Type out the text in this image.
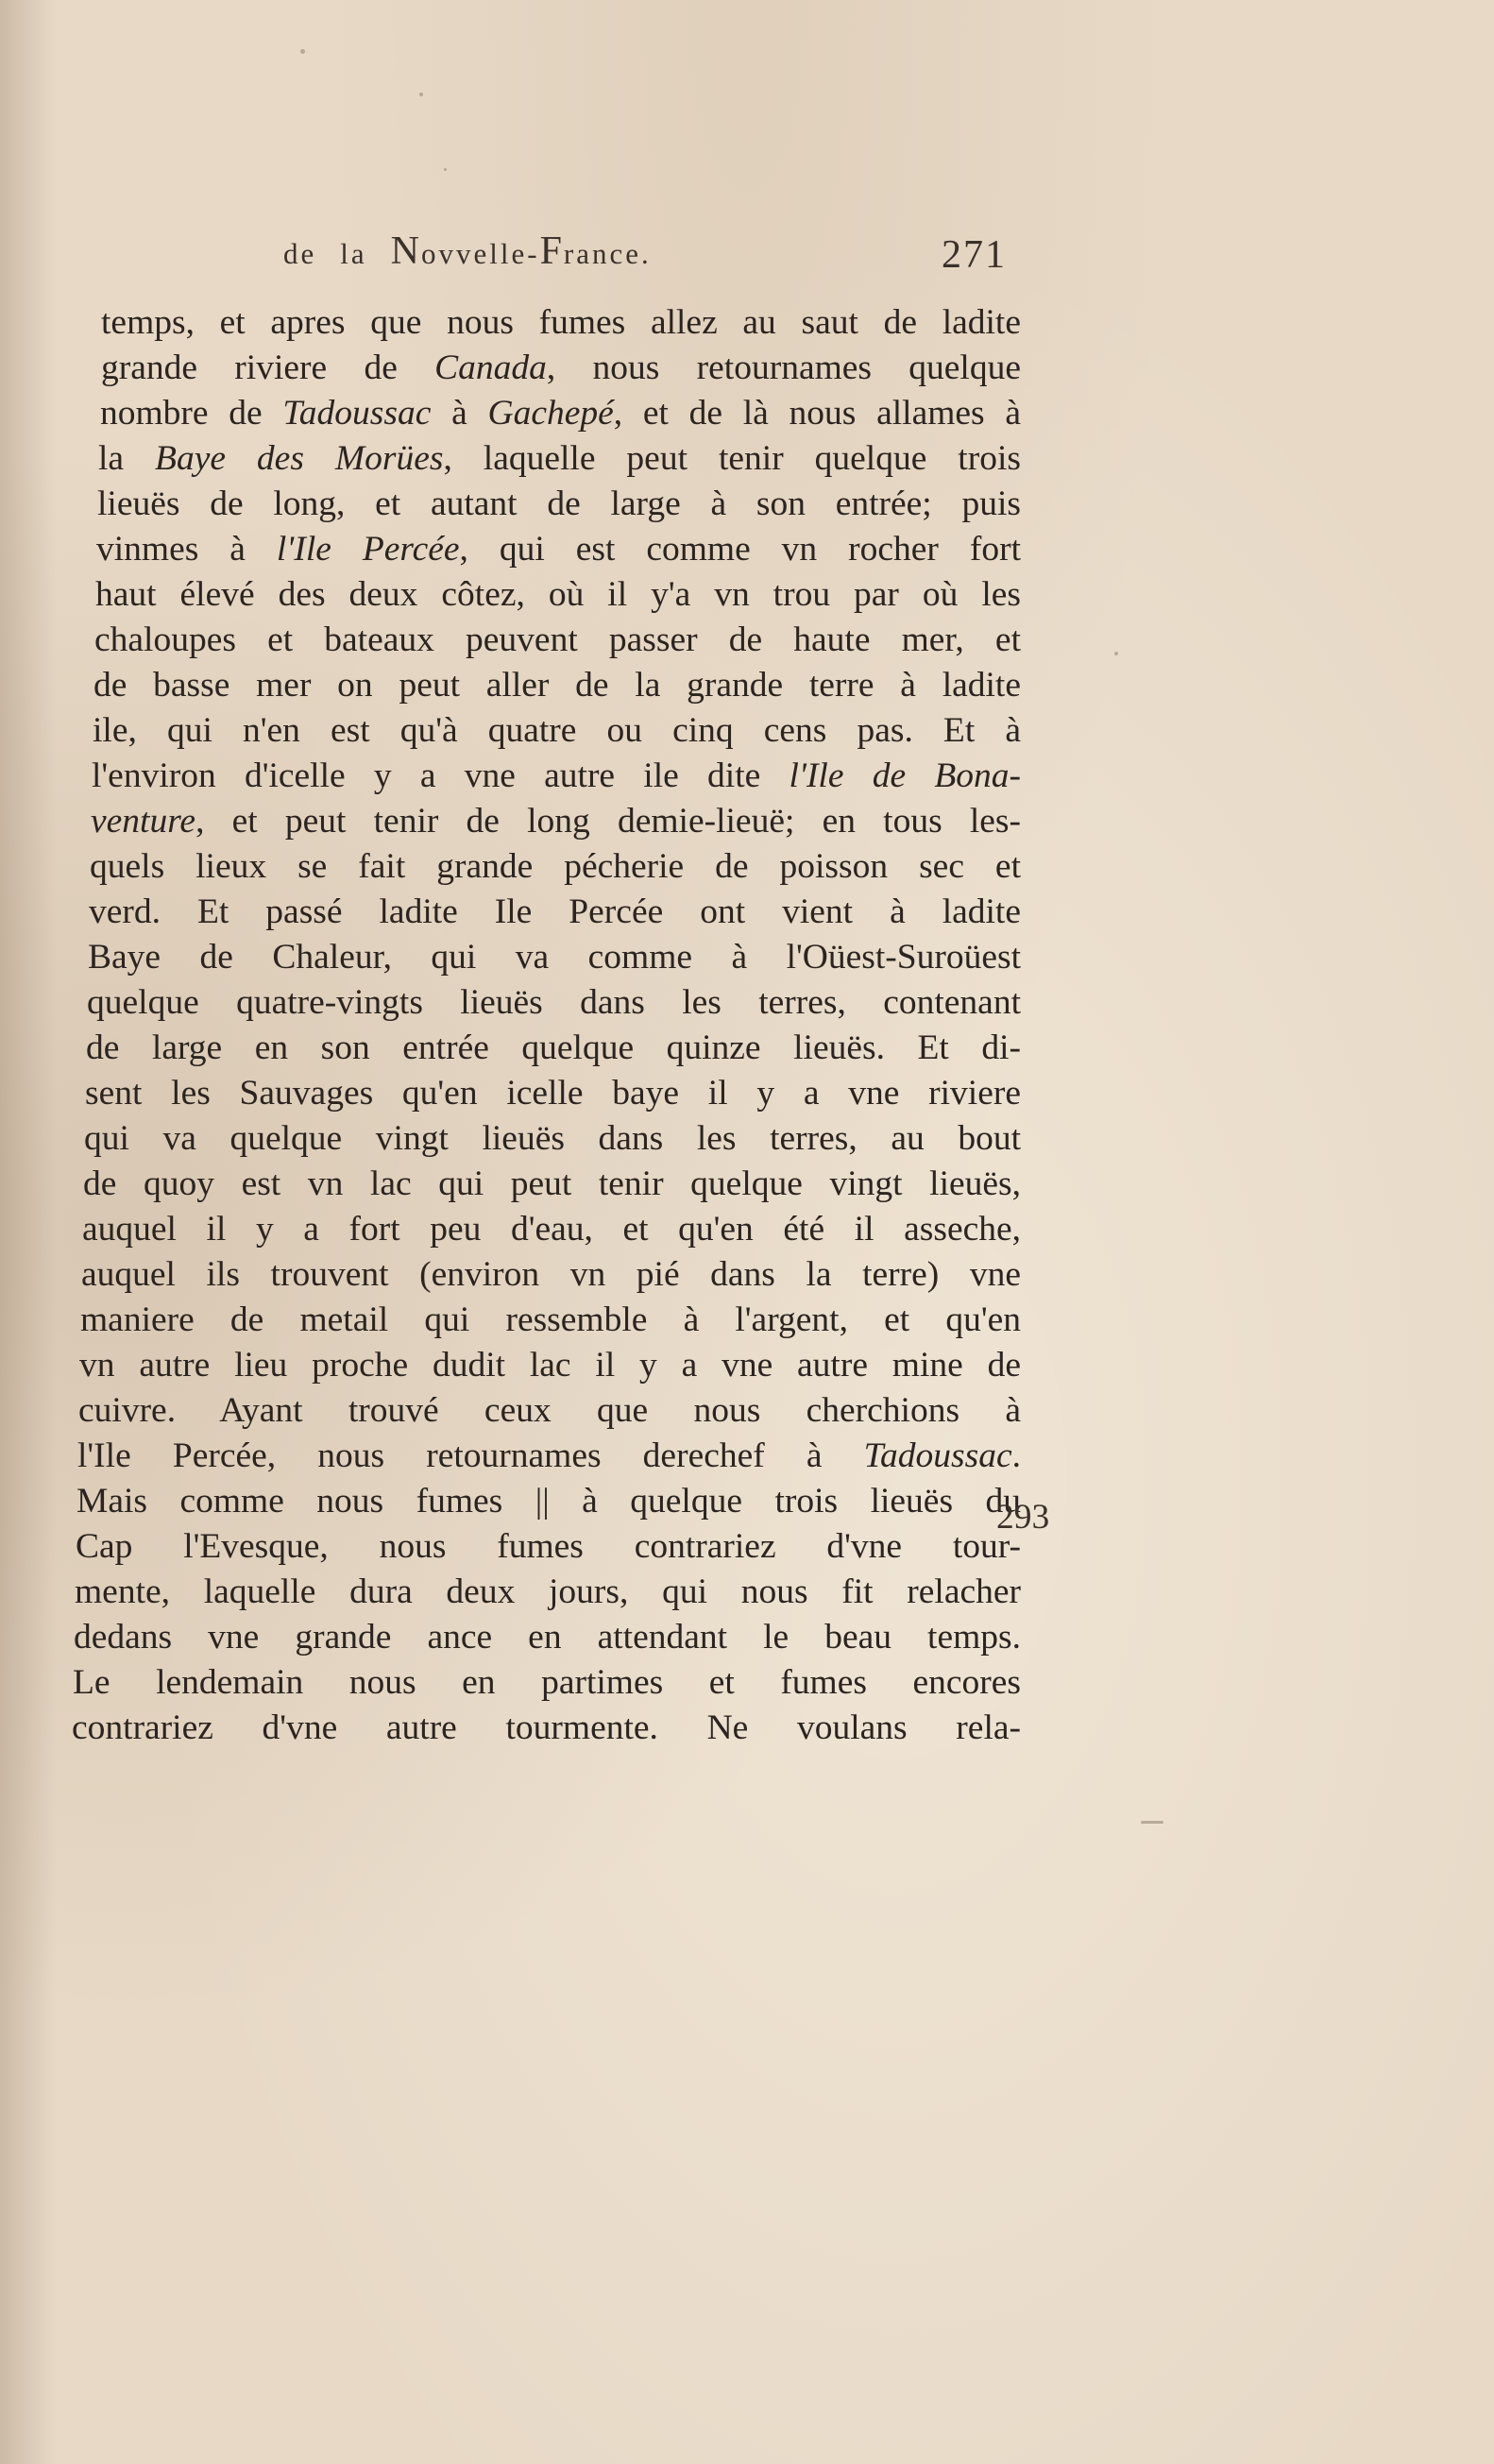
de la Novvelle-France.	271
temps, et apres que nous fumes allez au saut de ladite
grande riviere de Canada, nous retournames quelque
nombre de Tadoussac à Gachepé, et de là nous allames à
la Baye des Morües, laquelle peut tenir quelque trois
lieuës de long, et autant de large à son entrée; puis
vinmes à l'Ile Percée, qui est comme vn rocher fort
haut élevé des deux côtez, où il y'a vn trou par où les
chaloupes et bateaux peuvent passer de haute mer, et
de basse mer on peut aller de la grande terre à ladite
ile, qui n'en est qu'à quatre ou cinq cens pas. Et à
l'environ d'icelle y a vne autre ile dite l'Ile de Bona-
venture, et peut tenir de long demie-lieuë; en tous les-
quels lieux se fait grande pécherie de poisson sec et
verd. Et passé ladite Ile Percée ont vient à ladite
Baye de Chaleur, qui va comme à l'Oüest-Suroüest
quelque quatre-vingts lieuës dans les terres, contenant
de large en son entrée quelque quinze lieuës. Et di-
sent les Sauvages qu'en icelle baye il y a vne riviere
qui va quelque vingt lieuës dans les terres, au bout
de quoy est vn lac qui peut tenir quelque vingt lieuës,
auquel il y a fort peu d'eau, et qu'en été il asseche,
auquel ils trouvent (environ vn pié dans la terre) vne
maniere de metail qui ressemble à l'argent, et qu'en
vn autre lieu proche dudit lac il y a vne autre mine de
cuivre. Ayant trouvé ceux que nous cherchions à
l'Ile Percée, nous retournames derechef à Tadoussac.
Mais comme nous fumes || à quelque trois lieuës du
Cap l'Evesque, nous fumes contrariez d'vne tour-
mente, laquelle dura deux jours, qui nous fit relacher
dedans vne grande ance en attendant le beau temps.
Le lendemain nous en partimes et fumes encores
contrariez d'vne autre tourmente. Ne voulans rela-
293
